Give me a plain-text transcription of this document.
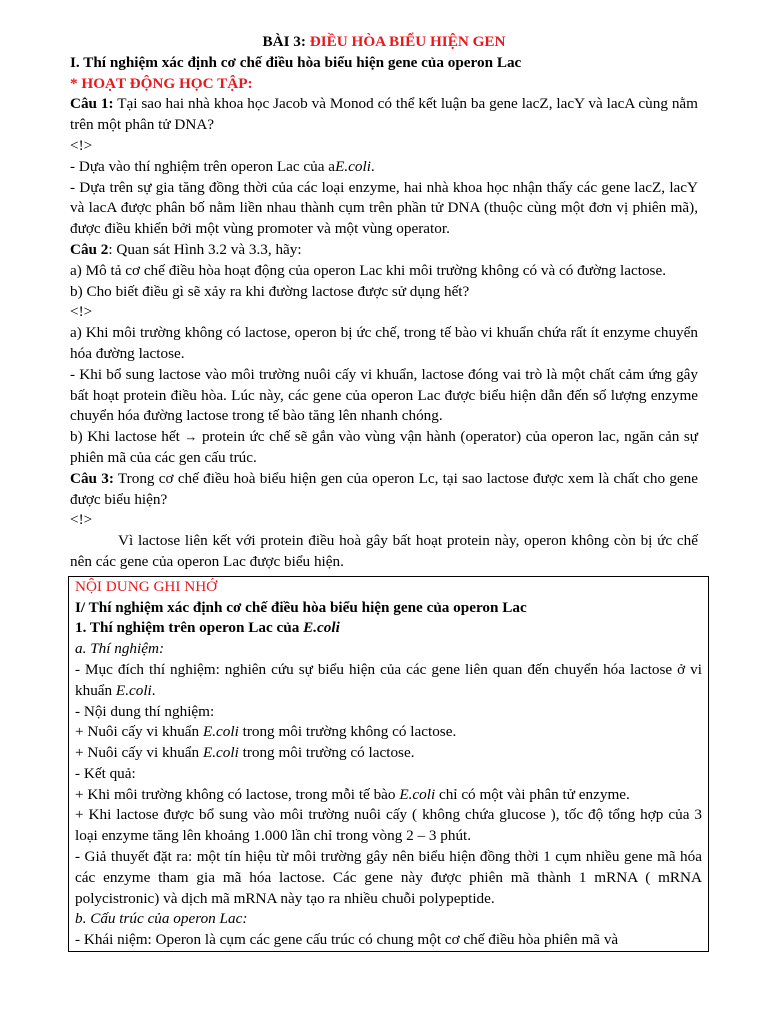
BÀI 3: ĐIỀU HÒA BIỂU HIỆN GEN

I. Thí nghiệm xác định cơ chế điều hòa biểu hiện gene của operon Lac

* HOẠT ĐỘNG HỌC TẬP:

Câu 1: Tại sao hai nhà khoa học Jacob và Monod có thể kết luận ba gene lacZ, lacY và lacA cùng nằm trên một phân tử DNA?

<!>

- Dựa vào thí nghiệm trên operon Lac của aE.coli.

- Dựa trên sự gia tăng đồng thời của các loại enzyme, hai nhà khoa học nhận thấy các gene lacZ, lacY và lacA được phân bố nằm liền nhau thành cụm trên phần tử DNA (thuộc cùng một đơn vị phiên mã), được điều khiển bởi một vùng promoter và một vùng operator.

Câu 2: Quan sát Hình 3.2 và 3.3, hãy:

a) Mô tả cơ chế điều hòa hoạt động của operon Lac khi môi trường không có và có đường lactose.

b) Cho biết điều gì sẽ xảy ra khi đường lactose được sử dụng hết?

<!>

a) Khi môi trường không có lactose, operon bị ức chế, trong tế bào vi khuẩn chứa rất ít enzyme chuyển hóa đường lactose.

- Khi bổ sung lactose vào môi trường nuôi cấy vi khuẩn, lactose đóng vai trò là một chất cảm ứng gây bất hoạt protein điều hòa. Lúc này, các gene của operon Lac được biểu hiện dẫn đến số lượng enzyme chuyển hóa đường lactose trong tế bào tăng lên nhanh chóng.

b) Khi lactose hết → protein ức chế sẽ gắn vào vùng vận hành (operator) của operon lac, ngăn cản sự phiên mã của các gen cấu trúc.

Câu 3: Trong cơ chế điều hoà biểu hiện gen của operon Lc, tại sao lactose được xem là chất cho gene được biểu hiện?

<!>

Vì lactose liên kết với protein điều hoà gây bất hoạt protein này, operon không còn bị ức chế nên các gene của operon Lac được biểu hiện.

NỘI DUNG GHI NHỚ

I/ Thí nghiệm xác định cơ chế điều hòa biểu hiện gene của operon Lac

1. Thí nghiệm trên operon Lac của E.coli

a. Thí nghiệm:

- Mục đích thí nghiệm: nghiên cứu sự biểu hiện của các gene liên quan đến chuyển hóa lactose ở vi khuẩn E.coli.

- Nội dung thí nghiệm:

+ Nuôi cấy vi khuẩn E.coli trong môi trường không có lactose.

+ Nuôi cấy vi khuẩn E.coli trong môi trường có lactose.

- Kết quả:

+ Khi môi trường không có lactose, trong mỗi tế bào E.coli chỉ có một vài phân tử enzyme.

+ Khi lactose được bổ sung vào môi trường nuôi cấy ( không chứa glucose ), tốc độ tổng hợp của 3 loại enzyme tăng lên khoảng 1.000 lần chỉ trong vòng 2 – 3 phút.

- Giả thuyết đặt ra: một tín hiệu từ môi trường gây nên biểu hiện đồng thời 1 cụm nhiều gene mã hóa các enzyme tham gia mã hóa lactose. Các gene này được phiên mã thành 1 mRNA ( mRNA polycistronic) và dịch mã mRNA này tạo ra nhiều chuỗi polypeptide.

b. Cấu trúc của operon Lac:

- Khái niệm: Operon là cụm các gene cấu trúc có chung một cơ chế điều hòa phiên mã và
